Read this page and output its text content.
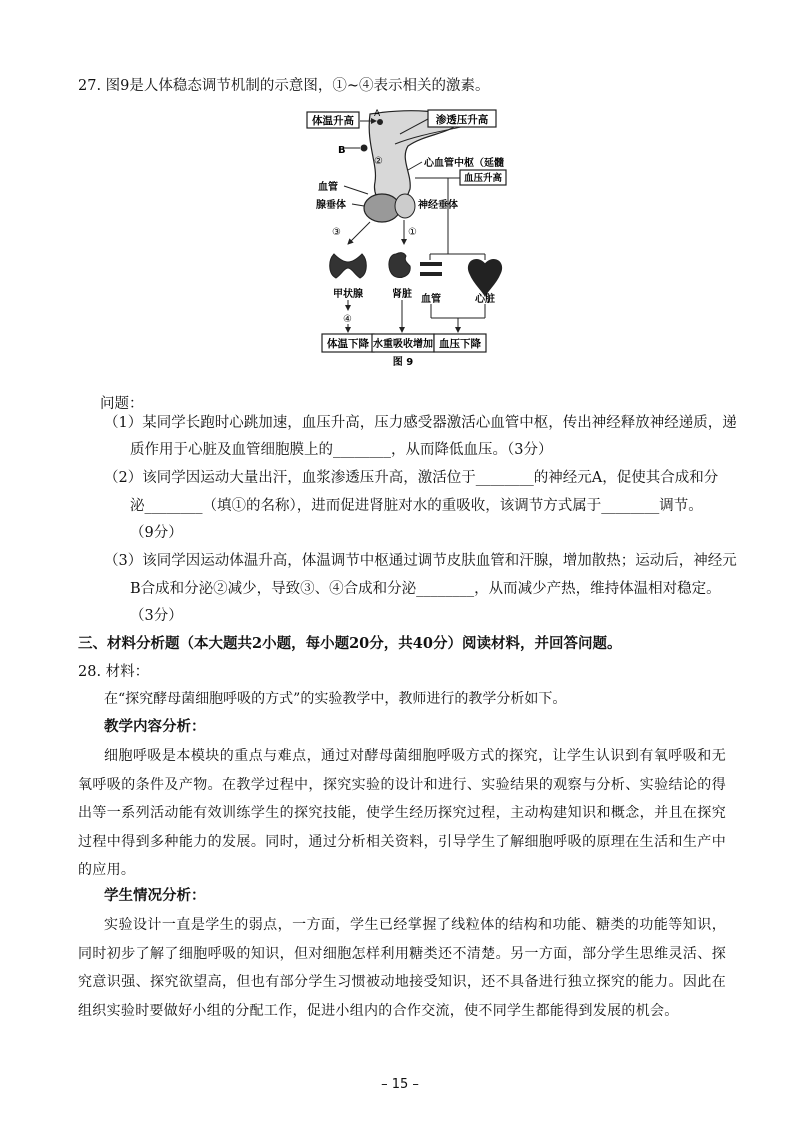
27. 图9是人体稳态调节机制的示意图，①~④表示相关的激素。
体温升高	渗透压升高
A
B
②	心血管中枢（延髓
血压升高
血管
腺垂体	神经垂体
③	①
甲状腺	肾脏 血管	心脏
④
体温下降 水重吸收增加 血压下降
图 9
问题：
（1）某同学长跑时心跳加速，血压升高，压力感受器激活心血管中枢，传出神经释放神经递质，递
质作用于心脏及血管细胞膜上的________，从而降低血压。（3分）
（2）该同学因运动大量出汗，血浆渗透压升高，激活位于________的神经元A，促使其合成和分
泌________（填①的名称），进而促进肾脏对水的重吸收，该调节方式属于________调节。
（9分）
（3）该同学因运动体温升高，体温调节中枢通过调节皮肤血管和汗腺，增加散热；运动后，神经元
B合成和分泌②减少，导致③、④合成和分泌________，从而减少产热，维持体温相对稳定。
（3分）
三、材料分析题（本大题共2小题，每小题20分，共40分）阅读材料，并回答问题。
28. 材料：
在“探究酵母菌细胞呼吸的方式”的实验教学中，教师进行的教学分析如下。
教学内容分析：
细胞呼吸是本模块的重点与难点，通过对酵母菌细胞呼吸方式的探究，让学生认识到有氧呼吸和无氧呼吸的条件及产物。在教学过程中，探究实验的设计和进行、实验结果的观察与分析、实验结论的得出等一系列活动能有效训练学生的探究技能，使学生经历探究过程，主动构建知识和概念，并且在探究过程中得到多种能力的发展。同时，通过分析相关资料，引导学生了解细胞呼吸的原理在生活和生产中的应用。
学生情况分析：
实验设计一直是学生的弱点，一方面，学生已经掌握了线粒体的结构和功能、糖类的功能等知识，同时初步了解了细胞呼吸的知识，但对细胞怎样利用糖类还不清楚。另一方面，部分学生思维灵活、探究意识强、探究欲望高，但也有部分学生习惯被动地接受知识，还不具备进行独立探究的能力。因此在组织实验时要做好小组的分配工作，促进小组内的合作交流，使不同学生都能得到发展的机会。
– 15 –
